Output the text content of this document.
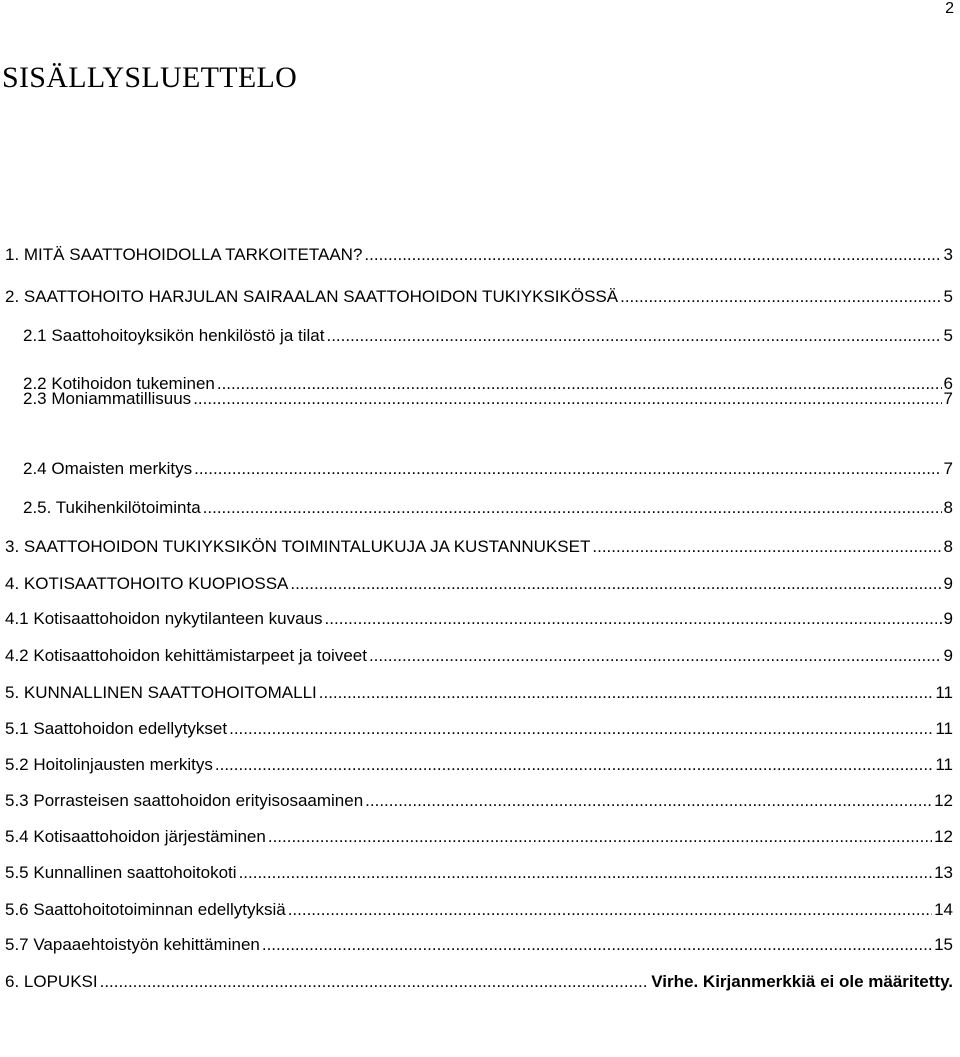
2
SISÄLLYSLUETTELO
1. MITÄ SAATTOHOIDOLLA TARKOITETAAN? .....	3
2. SAATTOHOITO HARJULAN SAIRAALAN SAATTOHOIDON TUKIYKSIKÖSSÄ .....	5
2.1 Saattohoitoyksikön henkilöstö ja tilat .....	5
2.2 Kotihoidon tukeminen .....	6
2.3 Moniammatillisuus .....	7
2.4 Omaisten merkitys .....	7
2.5. Tukihenkilötoiminta .....	8
3. SAATTOHOIDON TUKIYKSIKÖN TOIMINTALUKUJA JA KUSTANNUKSET .....	8
4. KOTISAATTOHOITO KUOPIOSSA .....	9
4.1 Kotisaattohoidon nykytilanteen kuvaus .....	9
4.2 Kotisaattohoidon kehittämistarpeet ja toiveet .....	9
5. KUNNALLINEN SAATTOHOITOMALLI .....	11
5.1 Saattohoidon edellytykset .....	11
5.2 Hoitolinjausten merkitys .....	11
5.3 Porrasteisen saattohoidon erityisosaaminen .....	12
5.4 Kotisaattohoidon järjestäminen .....	12
5.5 Kunnallinen saattohoitokoti .....	13
5.6 Saattohoitotoiminnan edellytyksiä .....	14
5.7 Vapaaehtoistyön kehittäminen .....	15
6. LOPUKSI .....	Virhe. Kirjanmerkkiä ei ole määritetty.
